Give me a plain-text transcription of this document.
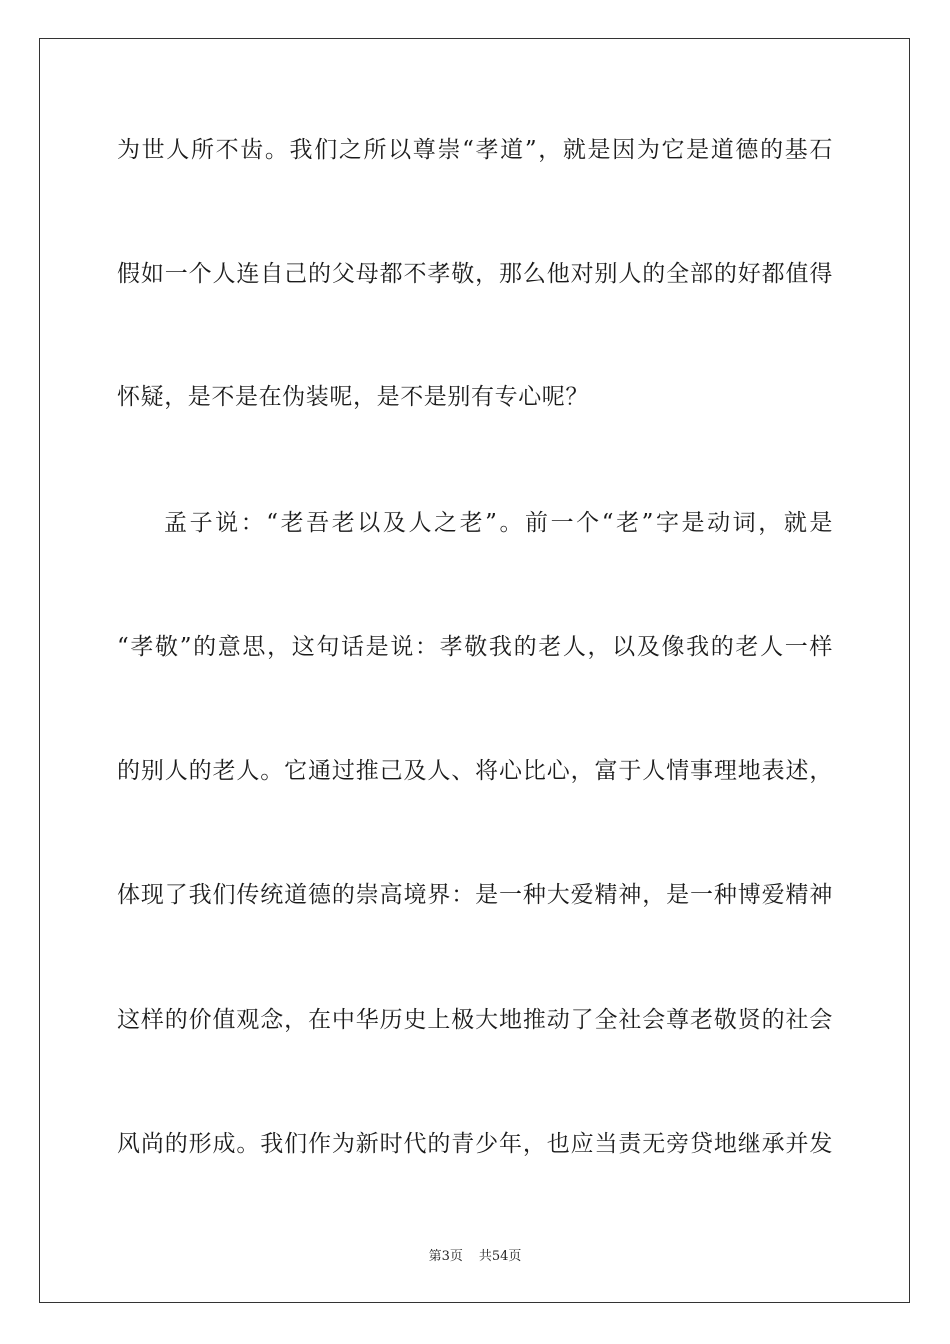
为世人所不齿。我们之所以尊崇“孝道”，就是因为它是道德的基石
假如一个人连自己的父母都不孝敬，那么他对别人的全部的好都值得
怀疑，是不是在伪装呢，是不是别有专心呢？
孟子说：“老吾老以及人之老”。前一个“老”字是动词，就是
“孝敬”的意思，这句话是说：孝敬我的老人，以及像我的老人一样
的别人的老人。它通过推己及人、将心比心，富于人情事理地表述，
体现了我们传统道德的崇高境界：是一种大爱精神，是一种博爱精神
这样的价值观念，在中华历史上极大地推动了全社会尊老敬贤的社会
风尚的形成。我们作为新时代的青少年，也应当责无旁贷地继承并发
第3页 共54页
